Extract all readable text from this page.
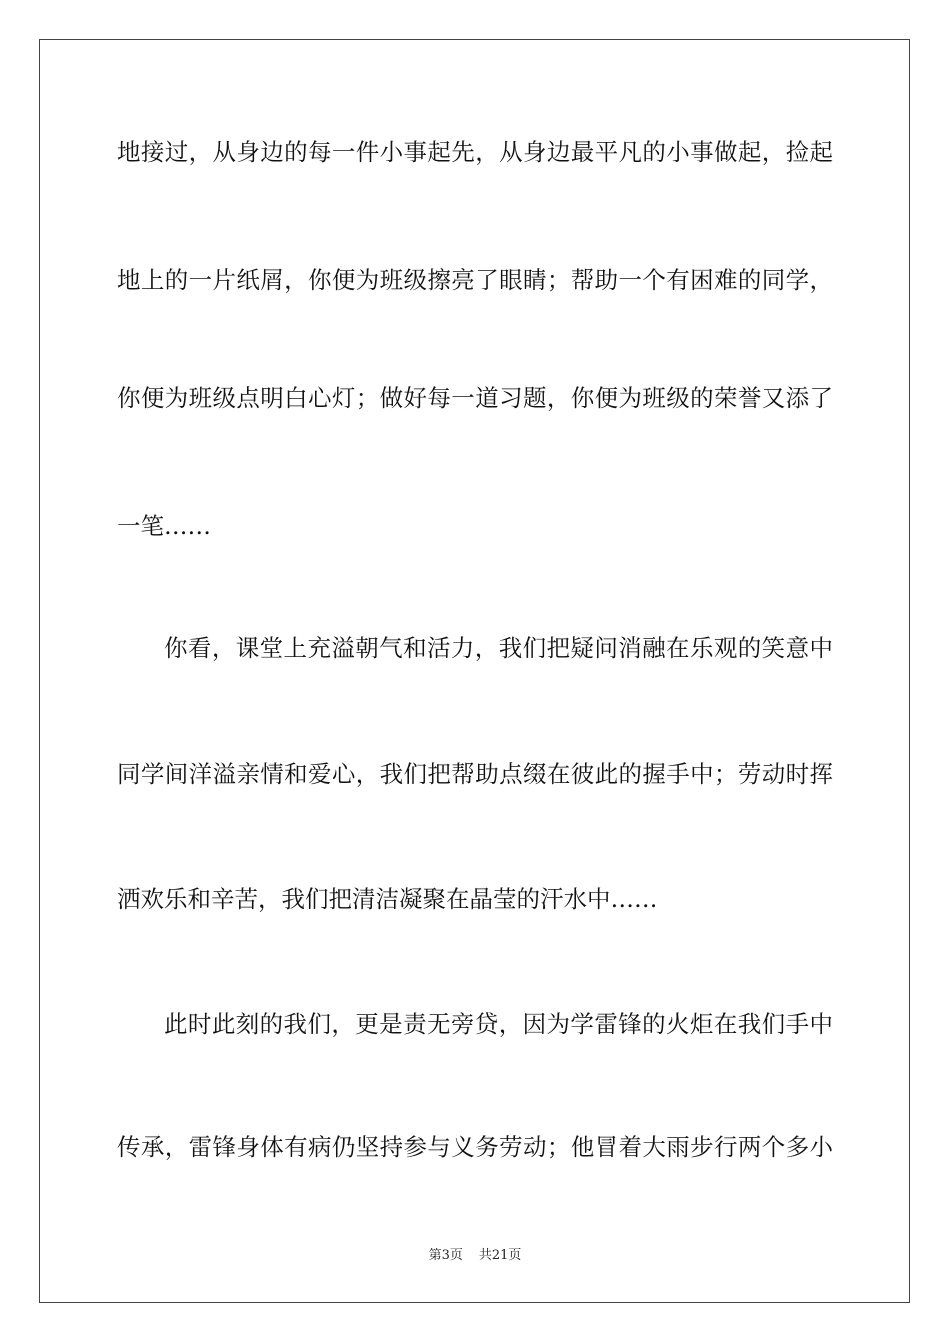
地接过，从身边的每一件小事起先，从身边最平凡的小事做起，捡起
地上的一片纸屑，你便为班级擦亮了眼睛；帮助一个有困难的同学，
你便为班级点明白心灯；做好每一道习题，你便为班级的荣誉又添了
一笔……
你看，课堂上充溢朝气和活力，我们把疑问消融在乐观的笑意中
同学间洋溢亲情和爱心，我们把帮助点缀在彼此的握手中；劳动时挥
洒欢乐和辛苦，我们把清洁凝聚在晶莹的汗水中……
此时此刻的我们，更是责无旁贷，因为学雷锋的火炬在我们手中
传承，雷锋身体有病仍坚持参与义务劳动；他冒着大雨步行两个多小
第3页 共21页
